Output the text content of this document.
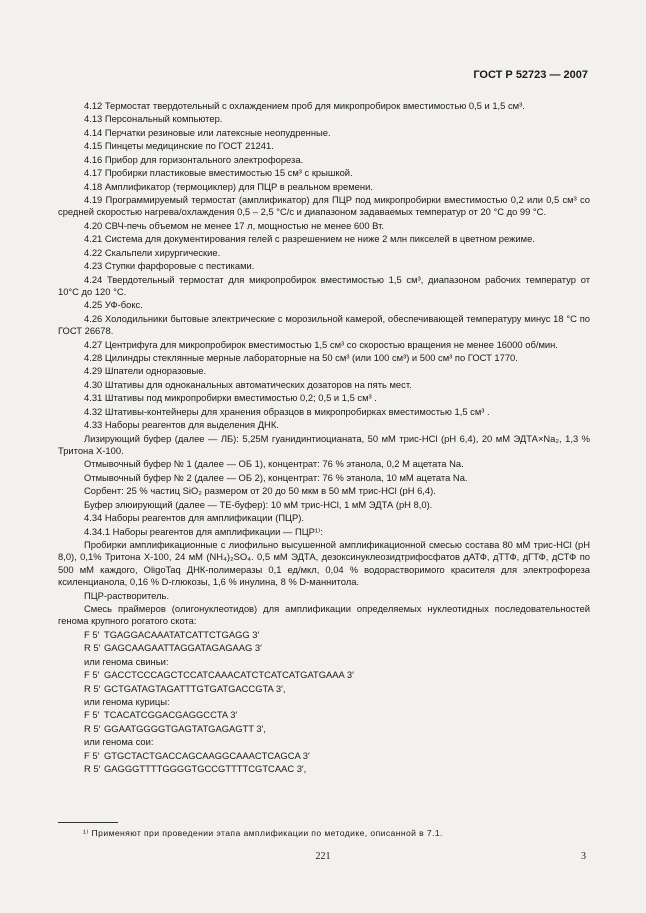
ГОСТ Р 52723 — 2007

4.12 Термостат твердотельный с охлаждением проб для микропробирок вместимостью 0,5 и 1,5 см³.

4.13 Персональный компьютер.

4.14 Перчатки резиновые или латексные неопудренные.

4.15 Пинцеты медицинские по ГОСТ 21241.

4.16 Прибор для горизонтального электрофореза.

4.17 Пробирки пластиковые вместимостью 15 см³ с крышкой.

4.18 Амплификатор (термоциклер) для ПЦР в реальном времени.

4.19 Программируемый термостат (амплификатор) для ПЦР под микропробирки вместимостью 0,2 или 0,5 см³ со средней скоростью нагрева/охлаждения 0,5 – 2,5 °С/с и диапазоном задаваемых температур от 20 °С до 99 °С.

4.20 СВЧ-печь объемом не менее 17 л, мощностью не менее 600 Вт.

4.21 Система для документирования гелей с разрешением не ниже 2 млн пикселей в цветном режиме.

4.22 Скальпели хирургические.

4.23 Ступки фарфоровые с пестиками.

4.24 Твердотельный термостат для микропробирок вместимостью 1,5 см³, диапазоном рабочих температур от 10°С до 120 °С.

4.25 УФ-бокс.

4.26 Холодильники бытовые электрические с морозильной камерой, обеспечивающей температуру минус 18 °С по ГОСТ 26678.

4.27 Центрифуга для микропробирок вместимостью 1,5 см³ со скоростью вращения не менее 16000 об/мин.

4.28 Цилиндры стеклянные мерные лабораторные на 50 см³ (или 100 см³) и 500 см³ по ГОСТ 1770.

4.29 Шпатели одноразовые.

4.30 Штативы для одноканальных автоматических дозаторов на пять мест.

4.31 Штативы под микропробирки вместимостью 0,2; 0,5 и 1,5 см³ .

4.32 Штативы-контейнеры для хранения образцов в микропробирках вместимостью 1,5 см³ .

4.33 Наборы реагентов для выделения ДНК.

Лизирующий буфер (далее — ЛБ): 5,25М гуанидинтиоцианата, 50 мМ трис-HCl (pH 6,4), 20 мМ ЭДТА×Na₂, 1,3 % Тритона Х-100.

Отмывочный буфер № 1 (далее — ОБ 1), концентрат: 76 % этанола, 0,2 М ацетата Na.

Отмывочный буфер № 2 (далее — ОБ 2), концентрат: 76 % этанола, 10 мМ ацетата Na.

Сорбент: 25 % частиц SiO₂ размером от 20 до 50 мкм в 50 мМ трис-HCl (pH 6,4).

Буфер элюирующий (далее — ТЕ-буфер): 10 мМ трис-HCl, 1 мМ ЭДТА (pH 8,0).

4.34 Наборы реагентов для амплификации (ПЦР).

4.34.1 Наборы реагентов для амплификации — ПЦР¹⁾:

Пробирки амплификационные с лиофильно высушенной амплификационной смесью состава 80 мМ трис-HCl (pH 8,0), 0,1% Тритона Х-100, 24 мМ (NH₄)₂SO₄. 0,5 мМ ЭДТА, дезоксинуклеозидтрифосфатов дАТФ, дТТФ, дГТФ, дСТФ по 500 мМ каждого, OligoTaq ДНК-полимеразы 0,1 ед/мкл, 0,04 % водорастворимого красителя для электрофореза ксиленцианола, 0,16 % D-глюкозы, 1,6 % инулина, 8 % D-маннитола.

ПЦР-растворитель.

Смесь праймеров (олигонуклеотидов) для амплификации определяемых нуклеотидных последовательностей генома крупного рогатого скота:

F 5′ TGAGGACAAATATCATTCTGAGG 3′
R 5′ GAGCAAGAATTAGGATAGAGAAG 3′
или генома свиньи:
F 5′ GACCTCCCAGCTCCATCAAACATCTCATCATGATGAAA 3′
R 5′ GCTGATAGTAGATTTGTGATGACCGTA 3′,
или генома курицы:
F 5′ TCACATCGGACGAGGCCTA 3′
R 5′ GGAATGGGGTGAGTATGAGAGTT 3′,
или генома сои:
F 5′ GTGCTACTGACCAGCAAGGCAAACTCAGCA 3′
R 5′ GAGGGTTTTGGGGTGCCGTTTTCGTCAAC 3′,
¹⁾ Применяют при проведении этапа амплификации по методике, описанной в 7.1.
221	3
